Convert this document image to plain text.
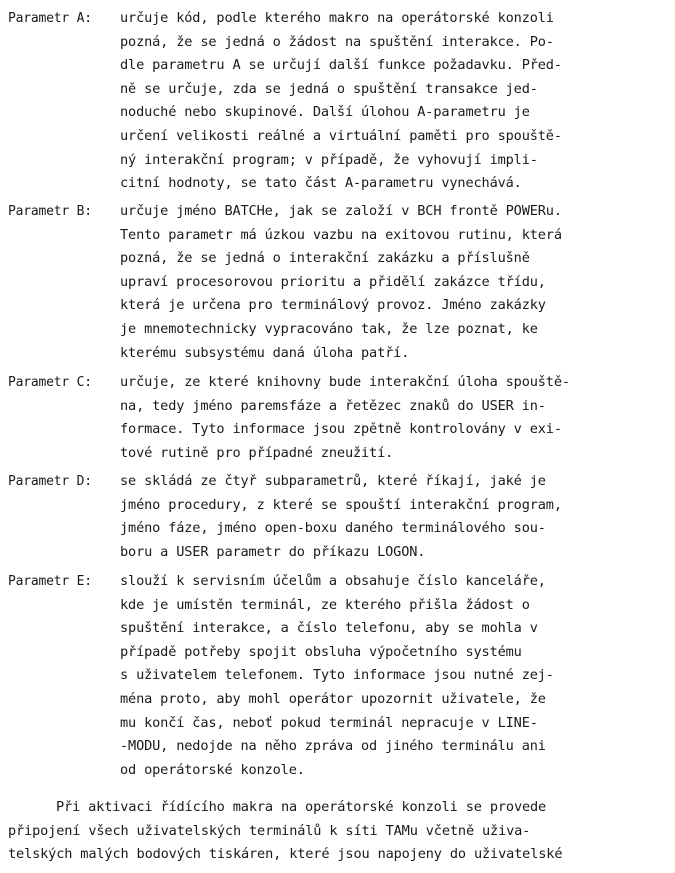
Parametr A:	určuje kód, podle kterého makro na operátorské konzoli
pozná, že se jedná o žádost na spuštění interakce. Po-
dle parametru A se určují další funkce požadavku. Před-
ně se určuje, zda se jedná o spuštění transakce jed-
noduché nebo skupinové. Další úlohou A-parametru je
určení velikosti reálné a virtuální paměti pro spouště-
ný interakční program; v případě, že vyhovují impli-
citní hodnoty, se tato část A-parametru vynechává.
Parametr B:	určuje jméno BATCHe, jak se založí v BCH frontě POWERu.
Tento parametr má úzkou vazbu na exitovou rutinu, která
pozná, že se jedná o interakční zakázku a příslušně
upraví procesorovou prioritu a přidělí zakázce třídu,
která je určena pro terminálový provoz. Jméno zakázky
je mnemotechnicky vypracováno tak, že lze poznat, ke
kterému subsystému daná úloha patří.
Parametr C:	určuje, ze které knihovny bude interakční úloha spouště-
na, tedy jméno paremsfáze a řetězec znaků do USER in-
formace. Tyto informace jsou zpětně kontrolovány v exi-
tové rutině pro případné zneužití.
Parametr D:	se skládá ze čtyř subparametrů, které říkají, jaké je
jméno procedury, z které se spouští interakční program,
jméno fáze, jméno open-boxu daného terminálového sou-
boru a USER parametr do příkazu LOGON.
Parametr E:	slouží k servisním účelům a obsahuje číslo kanceláře,
kde je umístěn terminál, ze kterého přišla žádost o
spuštění interakce, a číslo telefonu, aby se mohla v
případě potřeby spojit obsluha výpočetního systému
s uživatelem telefonem. Tyto informace jsou nutné zej-
ména proto, aby mohl operátor upozornit uživatele, že
mu končí čas, neboť pokud terminál nepracuje v LINE-
-MODU, nedojde na něho zpráva od jiného terminálu ani
od operátorské konzole.
Při aktivaci řídícího makra na operátorské konzoli se provede
připojení všech uživatelských terminálů k síti TAMu včetně uživa-
telských malých bodových tiskáren, které jsou napojeny do uživatelské
